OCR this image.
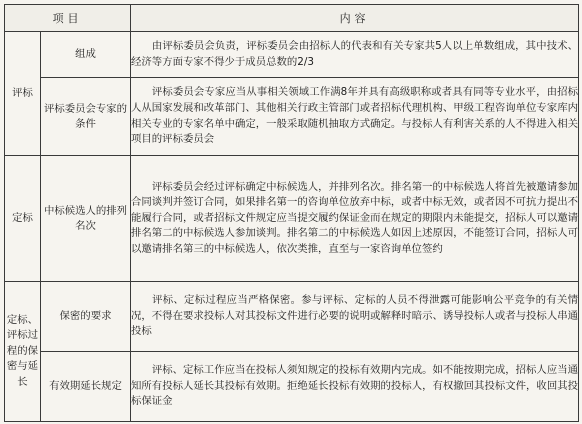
项目		内容
评标	组成	由评标委员会负责，评标委员会由招标人的代表和有关专家共5人以上单数组成，其中技术、经济等方面专家不得少于成员总数的2/3
	评标委员会专家的条件	评标委员会专家应当从事相关领域工作满8年并具有高级职称或者具有同等专业水平，由招标人从国家发展和改革部门、其他相关行政主管部门或者招标代理机构、甲级工程咨询单位专家库内相关专业的专家名单中确定，一般采取随机抽取方式确定。与投标人有利害关系的人不得进入相关项目的评标委员会
定标	中标候选人的排列名次	评标委员会经过评标确定中标候选人，并排列名次。排名第一的中标候选人将首先被邀请参加合同谈判并签订合同，如果排名第一的咨询单位放弃中标，或者中标无效，或者因不可抗力提出不能履行合同，或者招标文件规定应当提交履约保证金而在规定的期限内未能提交，招标人可以邀请排名第二的中标候选人参加谈判。排名第二的中标候选人如因上述原因，不能签订合同，招标人可以邀请排名第三的中标候选人，依次类推，直至与一家咨询单位签约
定标、评标过程的保密与延长	保密的要求	评标、定标过程应当严格保密。参与评标、定标的人员不得泄露可能影响公平竞争的有关情况，不得在要求投标人对其投标文件进行必要的说明或解释时暗示、诱导投标人或者与投标人串通投标
	有效期延长规定	评标、定标工作应当在投标人须知规定的投标有效期内完成。如不能按期完成，招标人应当通知所有投标人延长其投标有效期。拒绝延长投标有效期的投标人，有权撤回其投标文件，收回其投标保证金
